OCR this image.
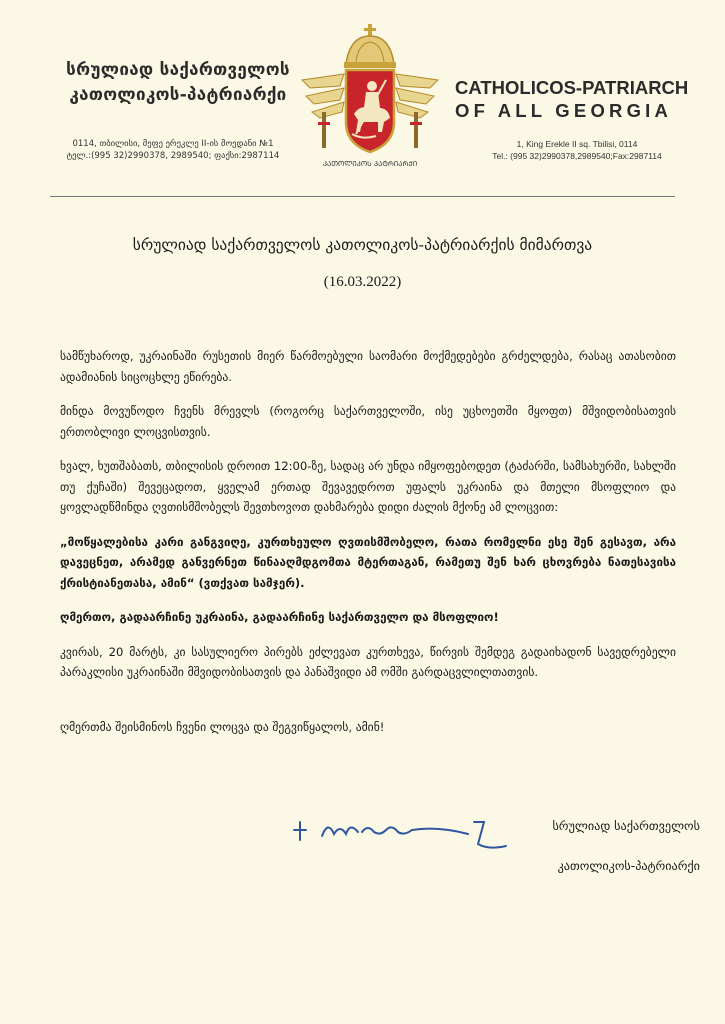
სრულიად საქართველოს
კათოლიკოს-პატრიარქი
0114, თბილისი, მეფე ერეკლე II-ის მოედანი №1
ტელ.:(995 32)2990378, 2989540; ფაქსი:2987114
ᲙᲐᲗᲝᲚᲘᲙᲝᲡ ᲞᲐᲢᲠᲘᲐᲠᲥᲘ
CATHOLICOS-PATRIARCH
OF ALL GEORGIA
1, King Erekle II sq. Tbilisi, 0114
Tel.: (995 32)2990378,2989540;Fax:2987114
სრულიად საქართველოს კათოლიკოს-პატრიარქის მიმართვა
(16.03.2022)

სამწუხაროდ, უკრაინაში რუსეთის მიერ წარმოებული საომარი მოქმედებები გრძელდება, რასაც ათასობით ადამიანის სიცოცხლე ეწირება.

მინდა მოვუწოდო ჩვენს მრევლს (როგორც საქართველოში, ისე უცხოეთში მყოფთ) მშვიდობისათვის ერთობლივი ლოცვისთვის.

ხვალ, ხუთშაბათს, თბილისის დროით 12:00-ზე, სადაც არ უნდა იმყოფებოდეთ (ტაძარში, სამსახურში, სახლში თუ ქუჩაში) შევეცადოთ, ყველამ ერთად შევავედროთ უფალს უკრაინა და მთელი მსოფლიო და ყოვლადწმინდა ღვთისმშობელს შევთხოვოთ დახმარება დიდი ძალის მქონე ამ ლოცვით:

„მოწყალებისა კარი განგვიღე, კურთხეულო ღვთისმშობელო, რათა რომელნი ესე შენ გესავთ, არა დავეცნეთ, არამედ განვერნეთ წინააღმდგომთა მტერთაგან, რამეთუ შენ ხარ ცხოვრება ნათესავისა ქრისტიანეთასა, ამინ“ (ვთქვათ სამჯერ).

ღმერთო, გადაარჩინე უკრაინა, გადაარჩინე საქართველო და მსოფლიო!

კვირას, 20 მარტს, კი სასულიერო პირებს ეძლევათ კურთხევა, წირვის შემდეგ გადაიხადონ სავედრებელი პარაკლისი უკრაინაში მშვიდობისათვის და პანაშვიდი ამ ომში გარდაცვლილთათვის.

ღმერთმა შეისმინოს ჩვენი ლოცვა და შეგვიწყალოს, ამინ!

სრულიად საქართველოს
კათოლიკოს-პატრიარქი
